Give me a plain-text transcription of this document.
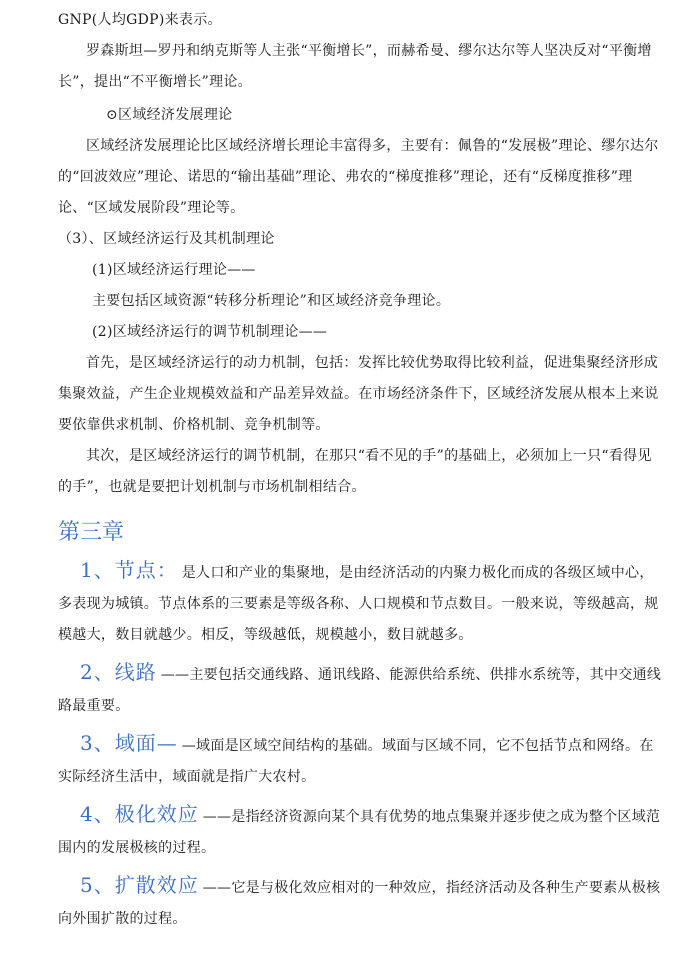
GNP(人均GDP)来表示。

罗森斯坦—罗丹和纳克斯等人主张“平衡增长”，而赫希曼、缪尔达尔等人坚决反对“平衡增长”，提出“不平衡增长”理论。

⊙区域经济发展理论

区域经济发展理论比区域经济增长理论丰富得多，主要有：佩鲁的“发展极”理论、缪尔达尔的“回波效应”理论、诺思的“输出基础”理论、弗农的“梯度推移”理论，还有“反梯度推移”理论、“区域发展阶段”理论等。

（3）、区域经济运行及其机制理论

(1)区域经济运行理论——

主要包括区域资源“转移分析理论”和区域经济竞争理论。

(2)区域经济运行的调节机制理论——

首先，是区域经济运行的动力机制，包括：发挥比较优势取得比较利益，促进集聚经济形成集聚效益，产生企业规模效益和产品差异效益。在市场经济条件下，区域经济发展从根本上来说要依靠供求机制、价格机制、竞争机制等。

其次，是区域经济运行的调节机制，在那只“看不见的手”的基础上，必须加上一只“看得见的手”，也就是要把计划机制与市场机制相结合。

第三章

1、节点： 是人口和产业的集聚地，是由经济活动的内聚力极化而成的各级区域中心，多表现为城镇。节点体系的三要素是等级各称、人口规模和节点数目。一般来说，等级越高，规模越大，数目就越少。相反，等级越低，规模越小，数目就越多。

2、线路 ——主要包括交通线路、通讯线路、能源供给系统、供排水系统等，其中交通线路最重要。

3、域面— —域面是区域空间结构的基础。域面与区域不同，它不包括节点和网络。在实际经济生活中，域面就是指广大农村。

4、极化效应 ——是指经济资源向某个具有优势的地点集聚并逐步使之成为整个区域范围内的发展极核的过程。

5、扩散效应 ——它是与极化效应相对的一种效应，指经济活动及各种生产要素从极核向外围扩散的过程。
